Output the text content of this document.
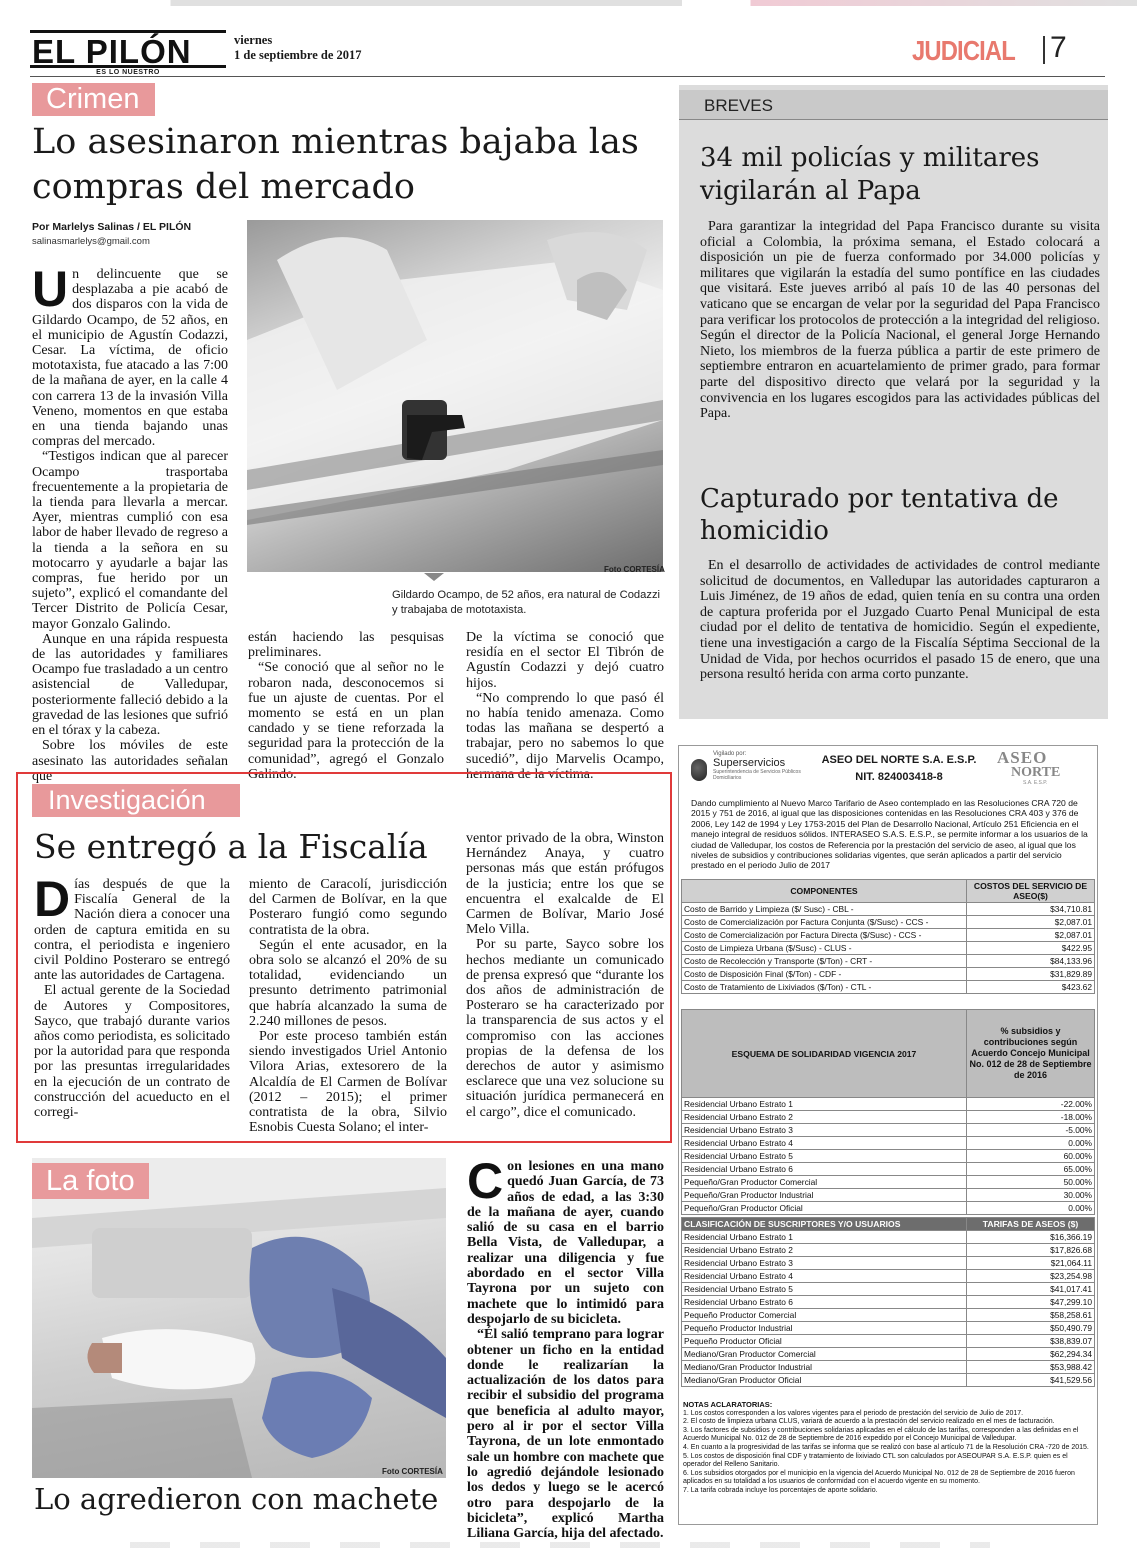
EL PILÓN
ES LO NUESTRO
viernes
1 de septiembre de 2017	JUDICIAL 7
Crimen
Lo asesinaron mientras bajaba las compras del mercado
Por Marlelys Salinas / EL PILÓN
salinasmarlelys@gmail.com
U n delincuente que se desplazaba a pie acabó de dos disparos con la vida de Gildardo Ocampo, de 52 años, en el municipio de Agustín Codazzi, Cesar. La víctima, de oficio mototaxista, fue atacado a las 7:00 de la mañana de ayer, en la calle 4 con carrera 13 de la invasión Villa Veneno, momentos en que estaba en una tienda bajando unas compras del mercado.

“Testigos indican que al parecer Ocampo trasportaba frecuentemente a la propietaria de la tienda para llevarla a mercar. Ayer, mientras cumplió con esa labor de haber llevado de regreso a la tienda a la señora en su motocarro y ayudarle a bajar las compras, fue herido por un sujeto”, explicó el comandante del Tercer Distrito de Policía Cesar, mayor Gonzalo Galindo.

Aunque en una rápida respuesta de las autoridades y familiares Ocampo fue trasladado a un centro asistencial de Valledupar, posteriormente falleció debido a la gravedad de las lesiones que sufrió en el tórax y la cabeza.

Sobre los móviles de este asesinato las autoridades señalan que

Foto CORTESÍA
Gildardo Ocampo, de 52 años, era natural de Codazzi y trabajaba de mototaxista.

están haciendo las pesquisas preliminares.

“Se conoció que al señor no le robaron nada, desconocemos si fue un ajuste de cuentas. Por el momento se está en un plan candado y se tiene reforzada la seguridad para la protección de la comunidad”, agregó el Gonzalo Galindo.

De la víctima se conoció que residía en el sector El Tibrón de Agustín Codazzi y dejó cuatro hijos.

“No comprendo lo que pasó él no había tenido amenaza. Como todas las mañana se despertó a trabajar, pero no sabemos lo que sucedió”, dijo Marvelis Ocampo, hermana de la víctima.

BREVES
34 mil policías y militares vigilarán al Papa
Para garantizar la integridad del Papa Francisco durante su visita oficial a Colombia, la próxima semana, el Estado colocará a disposición un pie de fuerza conformado por 34.000 policías y militares que vigilarán la estadía del sumo pontífice en las ciudades que visitará. Este jueves arribó al país 10 de las 40 personas del vaticano que se encargan de velar por la seguridad del Papa Francisco para verificar los protocolos de protección a la integridad del religioso. Según el director de la Policía Nacional, el general Jorge Hernando Nieto, los miembros de la fuerza pública a partir de este primero de septiembre entraron en acuartelamiento de primer grado, para formar parte del dispositivo directo que velará por la seguridad y la convivencia en los lugares escogidos para las actividades públicas del Papa.
Capturado por tentativa de homicidio
En el desarrollo de actividades de actividades de control mediante solicitud de documentos, en Valledupar las autoridades capturaron a Luis Jiménez, de 19 años de edad, quien tenía en su contra una orden de captura proferida por el Juzgado Cuarto Penal Municipal de esta ciudad por el delito de tentativa de homicidio. Según el expediente, tiene una investigación a cargo de la Fiscalía Séptima Seccional de la Unidad de Vida, por hechos ocurridos el pasado 15 de enero, que una persona resultó herida con arma corto punzante.
Investigación
Se entregó a la Fiscalía
D ías después de que la Fiscalía General de la Nación diera a conocer una orden de captura emitida en su contra, el periodista e ingeniero civil Poldino Posteraro se entregó ante las autoridades de Cartagena.

El actual gerente de la Sociedad de Autores y Compositores, Sayco, que trabajó durante varios años como periodista, es solicitado por la autoridad para que responda por las presuntas irregularidades en la ejecución de un contrato de construcción del acueducto en el corregi-

miento de Caracolí, jurisdicción del Carmen de Bolívar, en la que Posteraro fungió como segundo contratista de la obra.

Según el ente acusador, en la obra solo se alcanzó el 20% de su totalidad, evidenciando un presunto detrimento patrimonial que habría alcanzado la suma de 2.240 millones de pesos.

Por este proceso también están siendo investigados Uriel Antonio Vilora Arias, extesorero de la Alcaldía de El Carmen de Bolívar (2012 – 2015); el primer contratista de la obra, Silvio Esnobis Cuesta Solano; el inter-

ventor privado de la obra, Winston Hernández Anaya, y cuatro personas más que están prófugos de la justicia; entre los que se encuentra el exalcalde de El Carmen de Bolívar, Mario José Melo Villa.

Por su parte, Sayco sobre los hechos mediante un comunicado de prensa expresó que “durante los dos años de administración de Posteraro se ha caracterizado por la transparencia de sus actos y el compromiso con las acciones propias de la defensa de los derechos de autor y asimismo esclarece que una vez solucione su situación jurídica permanecerá en el cargo”, dice el comunicado.

La foto
Foto CORTESÍA
Lo agredieron con machete
C on lesiones en una mano quedó Juan García, de 73 años de edad, a las 3:30 de la mañana de ayer, cuando salió de su casa en el barrio Bella Vista, de Valledupar, a realizar una diligencia y fue abordado en el sector Villa Tayrona por un sujeto con machete que lo intimidó para despojarlo de su bicicleta.

“Él salió temprano para lograr obtener un ficho en la entidad donde le realizarían la actualización de los datos para recibir el subsidio del programa que beneficia al adulto mayor, pero al ir por el sector Villa Tayrona, de un lote enmontado sale un hombre con machete que lo agredió dejándole lesionado los dedos y luego se le acercó otro para despojarlo de la bicicleta”, explicó Martha Liliana García, hija del afectado.

Vigilado por:
Superservicios
Superintendencia de Servicios Públicos Domiciliarios
ASEO DEL NORTE S.A. E.S.P.
NIT. 824003418-8
ASEO
NORTE
S.A. E.S.P.
Dando cumplimiento al Nuevo Marco Tarifario de Aseo contemplado en las Resoluciones CRA 720 de 2015 y 751 de 2016, al igual que las disposiciones contenidas en las Resoluciones CRA 403 y 376 de 2006, Ley 142 de 1994 y Ley 1753-2015 del Plan de Desarrollo Nacional, Artículo 251 Eficiencia en el manejo integral de residuos sólidos. INTERASEO S.A.S. E.S.P., se permite informar a los usuarios de la ciudad de Valledupar, los costos de Referencia por la prestación del servicio de aseo, al igual que los niveles de subsidios y contribuciones solidarias vigentes, que serán aplicados a partir del servicio prestado en el periodo Julio de 2017
COMPONENTES	COSTOS DEL SERVICIO DE ASEO($)
Costo de Barrido y Limpieza ($/ Susc) - CBL -	$34,710.81
Costo de Comercialización por Factura Conjunta ($/Susc) - CCS -	$2,087.01
Costo de Comercialización por Factura Directa ($/Susc) - CCS -	$2,087.01
Costo de Limpieza Urbana ($/Susc) - CLUS -	$422.95
Costo de Recolección y Transporte ($/Ton) - CRT -	$84,133.96
Costo de Disposición Final ($/Ton) - CDF -	$31,829.89
Costo de Tratamiento de Lixiviados ($/Ton) - CTL -	$423.62
ESQUEMA DE SOLIDARIDAD VIGENCIA 2017	% subsidios y contribuciones según Acuerdo Concejo Municipal No. 012 de 28 de Septiembre de 2016
Residencial Urbano Estrato 1	-22.00%
Residencial Urbano Estrato 2	-18.00%
Residencial Urbano Estrato 3	-5.00%
Residencial Urbano Estrato 4	0.00%
Residencial Urbano Estrato 5	60.00%
Residencial Urbano Estrato 6	65.00%
Pequeño/Gran Productor Comercial	50.00%
Pequeño/Gran Productor Industrial	30.00%
Pequeño/Gran Productor Oficial	0.00%
CLASIFICACIÓN DE SUSCRIPTORES Y/O USUARIOS	TARIFAS DE ASEOS ($)
Residencial Urbano Estrato 1	$16,366.19
Residencial Urbano Estrato 2	$17,826.68
Residencial Urbano Estrato 3	$21,064.11
Residencial Urbano Estrato 4	$23,254.98
Residencial Urbano Estrato 5	$41,017.41
Residencial Urbano Estrato 6	$47,299.10
Pequeño Productor Comercial	$58,258.61
Pequeño Productor Industrial	$50,490.79
Pequeño Productor Oficial	$38,839.07
Mediano/Gran Productor Comercial	$62,294.34
Mediano/Gran Productor Industrial	$53,988.42
Mediano/Gran Productor Oficial	$41,529.56
NOTAS ACLARATORIAS:
1. Los costos corresponden a los valores vigentes para el periodo de prestación del servicio de Julio de 2017.
2. El costo de limpieza urbana CLUS, variará de acuerdo a la prestación del servicio realizado en el mes de facturación.
3. Los factores de subsidios y contribuciones solidarias aplicadas en el cálculo de las tarifas, corresponden a las definidas en el Acuerdo Municipal No. 012 de 28 de Septiembre de 2016 expedido por el Concejo Municipal de Valledupar.
4. En cuanto a la progresividad de las tarifas se informa que se realizó con base al artículo 71 de la Resolución CRA -720 de 2015.
5. Los costos de disposición final CDF y tratamiento de lixiviado CTL son calculados por ASEOUPAR S.A. E.S.P. quien es el operador del Relleno Sanitario.
6. Los subsidios otorgados por el municipio en la vigencia del Acuerdo Municipal No. 012 de 28 de Septiembre de 2016 fueron aplicados en su totalidad a los usuarios de conformidad con el acuerdo vigente en su momento.
7. La tarifa cobrada incluye los porcentajes de aporte solidario.
